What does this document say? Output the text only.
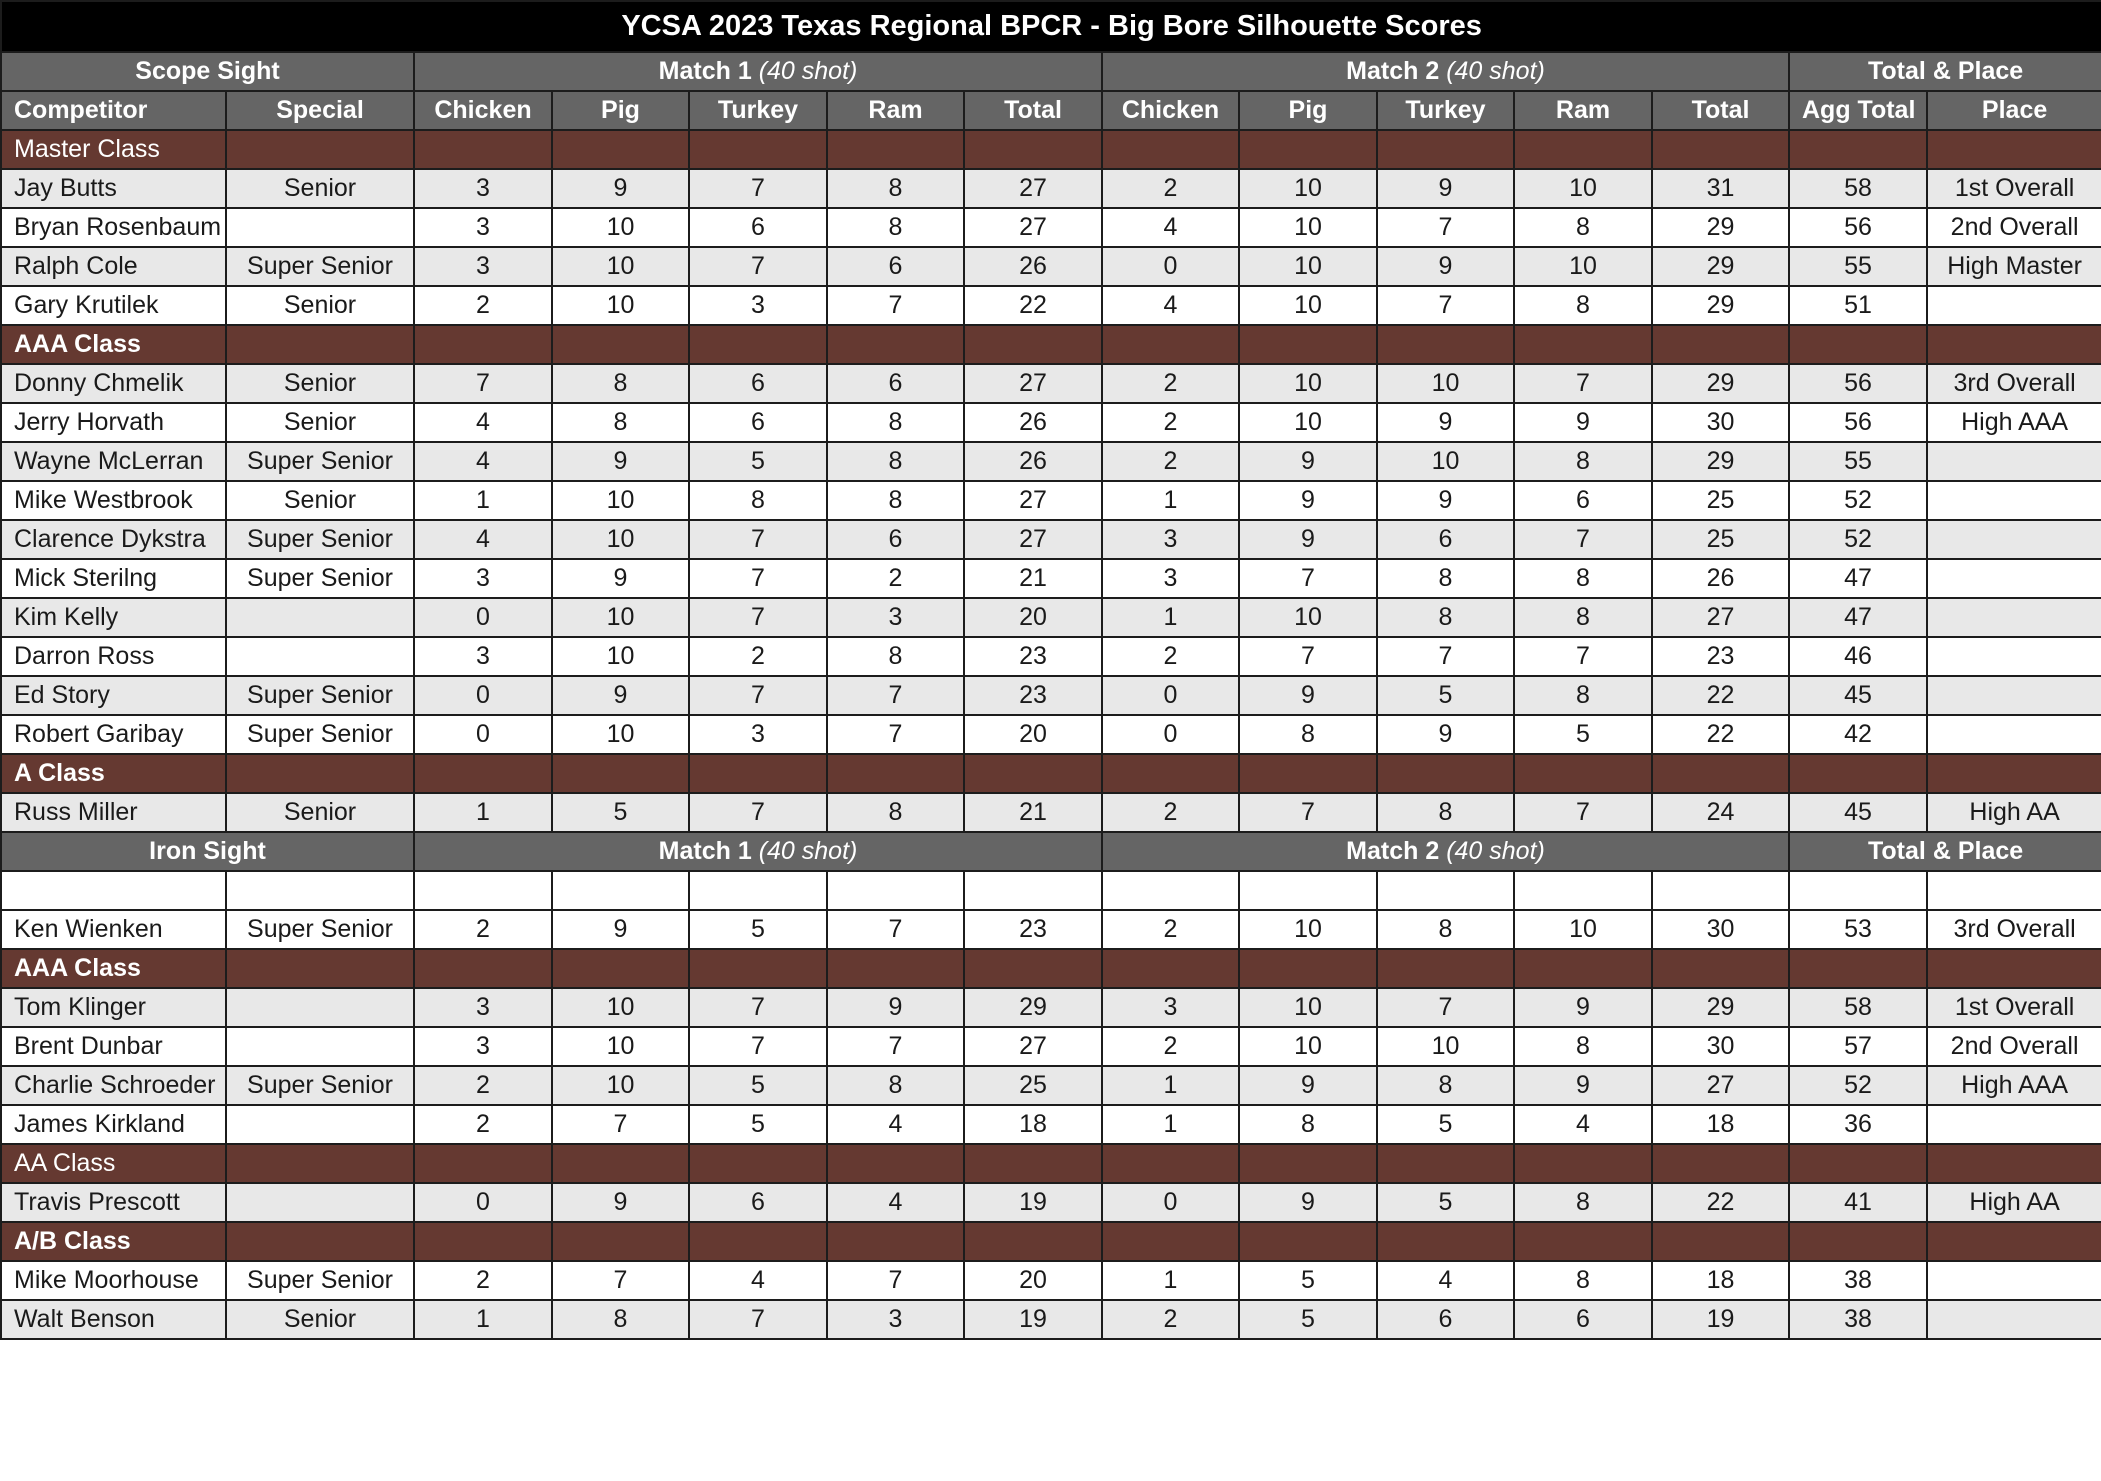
YCSA 2023 Texas Regional BPCR - Big Bore Silhouette Scores													
Scope Sight		Match 1 (40 shot)					Match 2 (40 shot)					Total & Place	
Competitor	Special	Chicken	Pig	Turkey	Ram	Total	Chicken	Pig	Turkey	Ram	Total	Agg Total	Place
Master Class													
Jay Butts	Senior	3	9	7	8	27	2	10	9	10	31	58	1st Overall
Bryan Rosenbaum		3	10	6	8	27	4	10	7	8	29	56	2nd Overall
Ralph Cole	Super Senior	3	10	7	6	26	0	10	9	10	29	55	High Master
Gary Krutilek	Senior	2	10	3	7	22	4	10	7	8	29	51	
AAA Class													
Donny Chmelik	Senior	7	8	6	6	27	2	10	10	7	29	56	3rd Overall
Jerry Horvath	Senior	4	8	6	8	26	2	10	9	9	30	56	High AAA
Wayne McLerran	Super Senior	4	9	5	8	26	2	9	10	8	29	55	
Mike Westbrook	Senior	1	10	8	8	27	1	9	9	6	25	52	
Clarence Dykstra	Super Senior	4	10	7	6	27	3	9	6	7	25	52	
Mick Sterilng	Super Senior	3	9	7	2	21	3	7	8	8	26	47	
Kim Kelly		0	10	7	3	20	1	10	8	8	27	47	
Darron Ross		3	10	2	8	23	2	7	7	7	23	46	
Ed Story	Super Senior	0	9	7	7	23	0	9	5	8	22	45	
Robert Garibay	Super Senior	0	10	3	7	20	0	8	9	5	22	42	
A Class													
Russ Miller	Senior	1	5	7	8	21	2	7	8	7	24	45	High AA
Iron Sight		Match 1 (40 shot)					Match 2 (40 shot)					Total & Place	
Master													
Ken Wienken	Super Senior	2	9	5	7	23	2	10	8	10	30	53	3rd Overall
AAA Class													
Tom Klinger		3	10	7	9	29	3	10	7	9	29	58	1st Overall
Brent Dunbar		3	10	7	7	27	2	10	10	8	30	57	2nd Overall
Charlie Schroeder	Super Senior	2	10	5	8	25	1	9	8	9	27	52	High AAA
James Kirkland		2	7	5	4	18	1	8	5	4	18	36	
AA Class													
Travis Prescott		0	9	6	4	19	0	9	5	8	22	41	High AA
A/B Class													
Mike Moorhouse	Super Senior	2	7	4	7	20	1	5	4	8	18	38	
Walt Benson	Senior	1	8	7	3	19	2	5	6	6	19	38	
